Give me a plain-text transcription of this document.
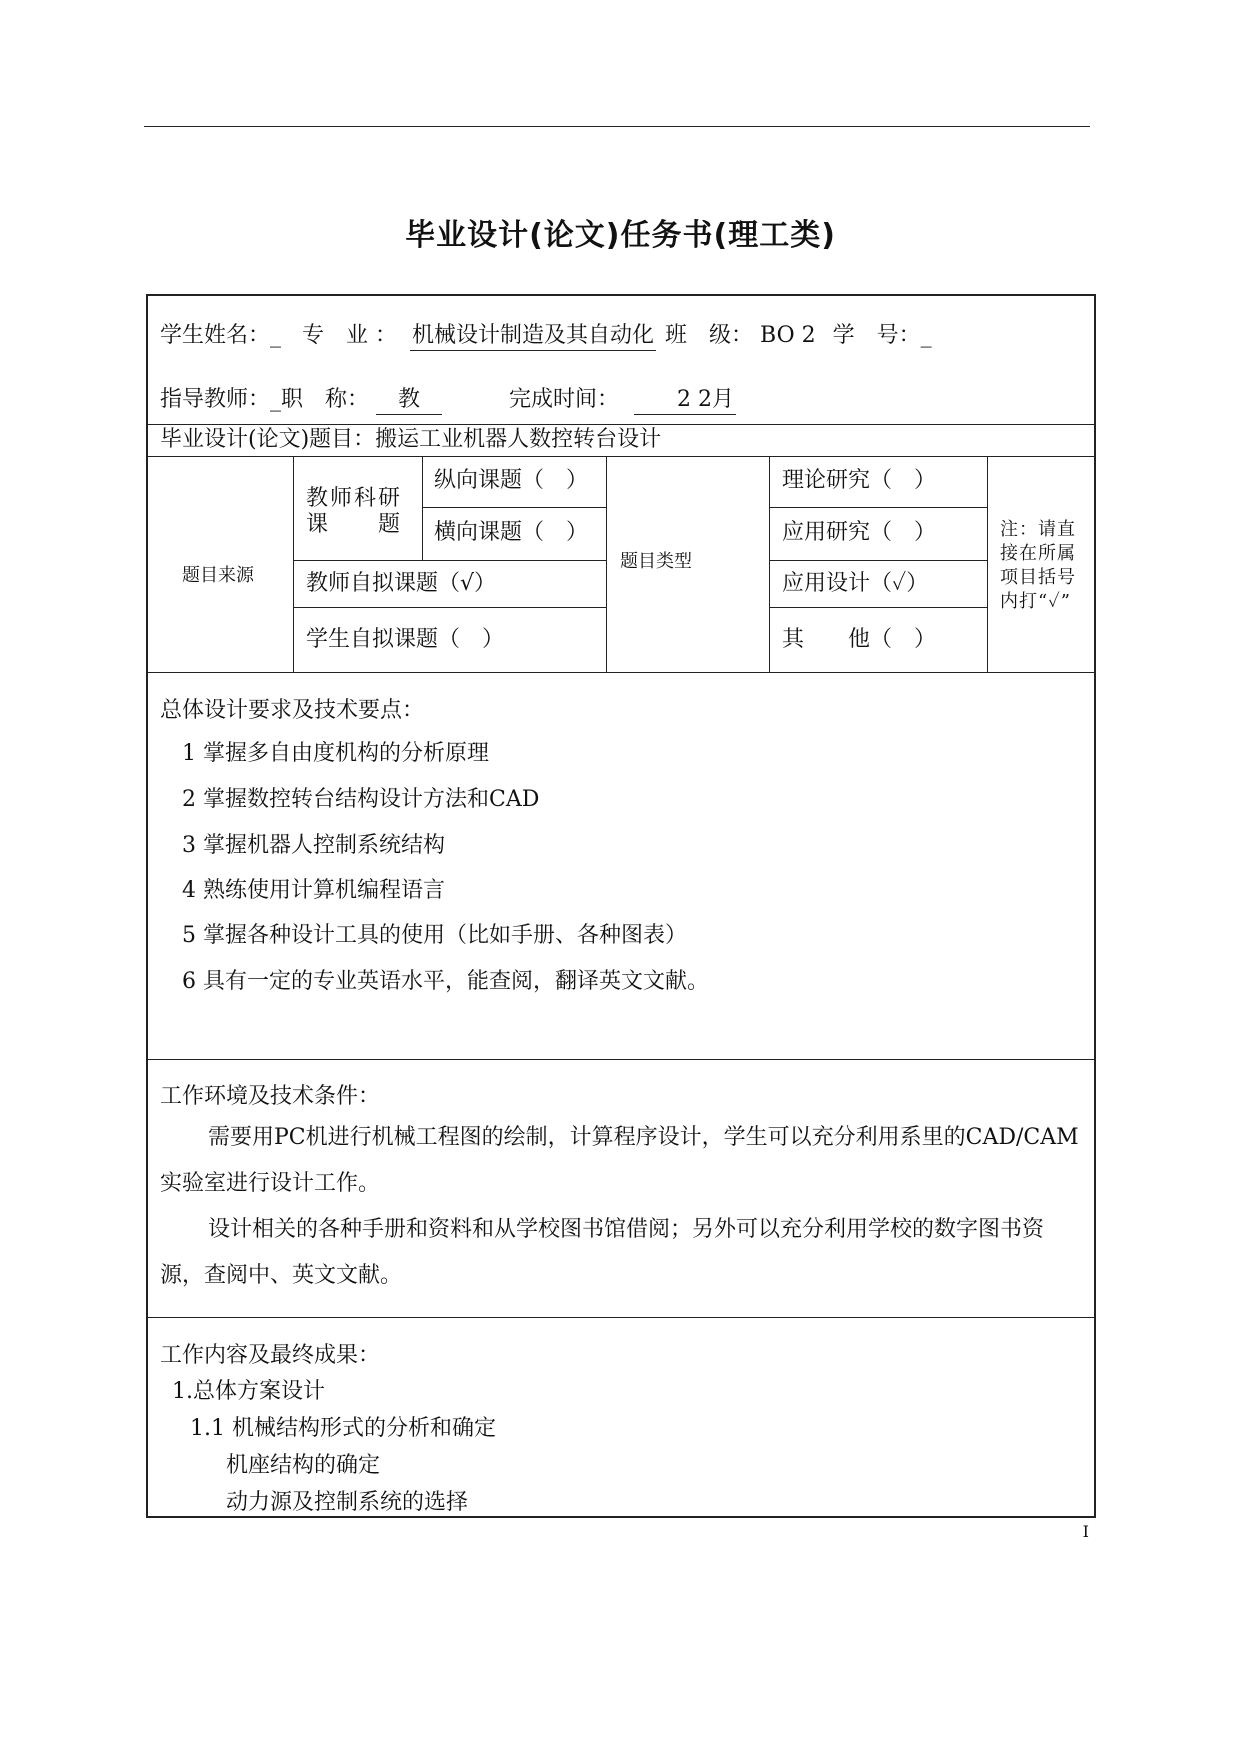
毕业设计(论文)任务书(理工类)
学生姓名：_ 专　业 ： 机械设计制造及其自动化 班　级： BO 2 学　号：_
指导教师：_职　称： 教	完成时间：	2 2月
毕业设计(论文)题目：搬运工业机器人数控转台设计
题目来源
教师科研课　　题
纵向课题（　）
横向课题（　）
教师自拟课题（√）
学生自拟课题（　）
题目类型
理论研究（　）
应用研究（　）
应用设计（✓）
其　　他（　）
注：请直接在所属项目括号内打“✓”
总体设计要求及技术要点：
1 掌握多自由度机构的分析原理
2 掌握数控转台结构设计方法和CAD
3 掌握机器人控制系统结构
4 熟练使用计算机编程语言
5 掌握各种设计工具的使用（比如手册、各种图表）
6 具有一定的专业英语水平，能查阅，翻译英文文献。
工作环境及技术条件：
需要用PC机进行机械工程图的绘制，计算程序设计，学生可以充分利用系里的CAD/CAM实验室进行设计工作。
设计相关的各种手册和资料和从学校图书馆借阅；另外可以充分利用学校的数字图书资源，查阅中、英文文献。
工作内容及最终成果：
1.总体方案设计
1.1 机械结构形式的分析和确定
机座结构的确定
动力源及控制系统的选择
I
